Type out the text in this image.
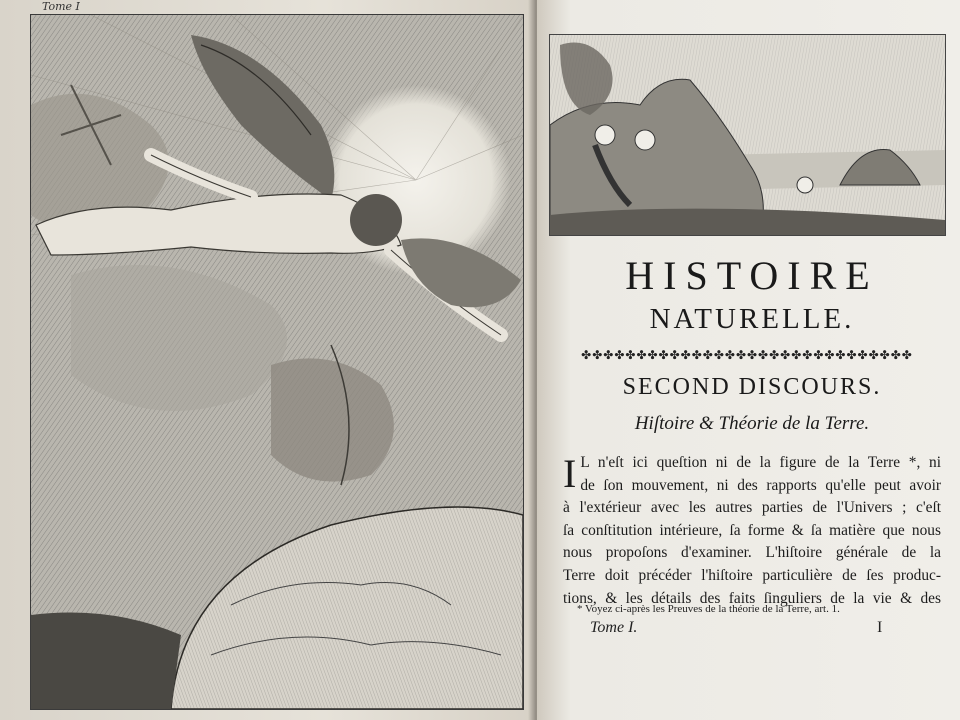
Tome I
HISTOIRE
NATURELLE.
✤✤✤✤✤✤✤✤✤✤✤✤✤✤✤✤✤✤✤✤✤✤✤✤✤✤✤✤✤✤
SECOND DISCOURS.
Hiſtoire & Théorie de la Terre.
I L n'eſt ici queſtion ni de la figure de la Terre *, ni
de ſon mouvement, ni des rapports qu'elle peut avoir
à l'extérieur avec les autres parties de l'Univers ; c'eſt
ſa conſtitution intérieure, ſa forme & ſa matière que nous
nous propoſons d'examiner. L'hiſtoire générale de la
Terre doit précéder l'hiſtoire particulière de ſes produc-
tions, & les détails des faits ſinguliers de la vie & des
* Voyez ci-après les Preuves de la théorie de la Terre, art. 1.
Tome I.	I
